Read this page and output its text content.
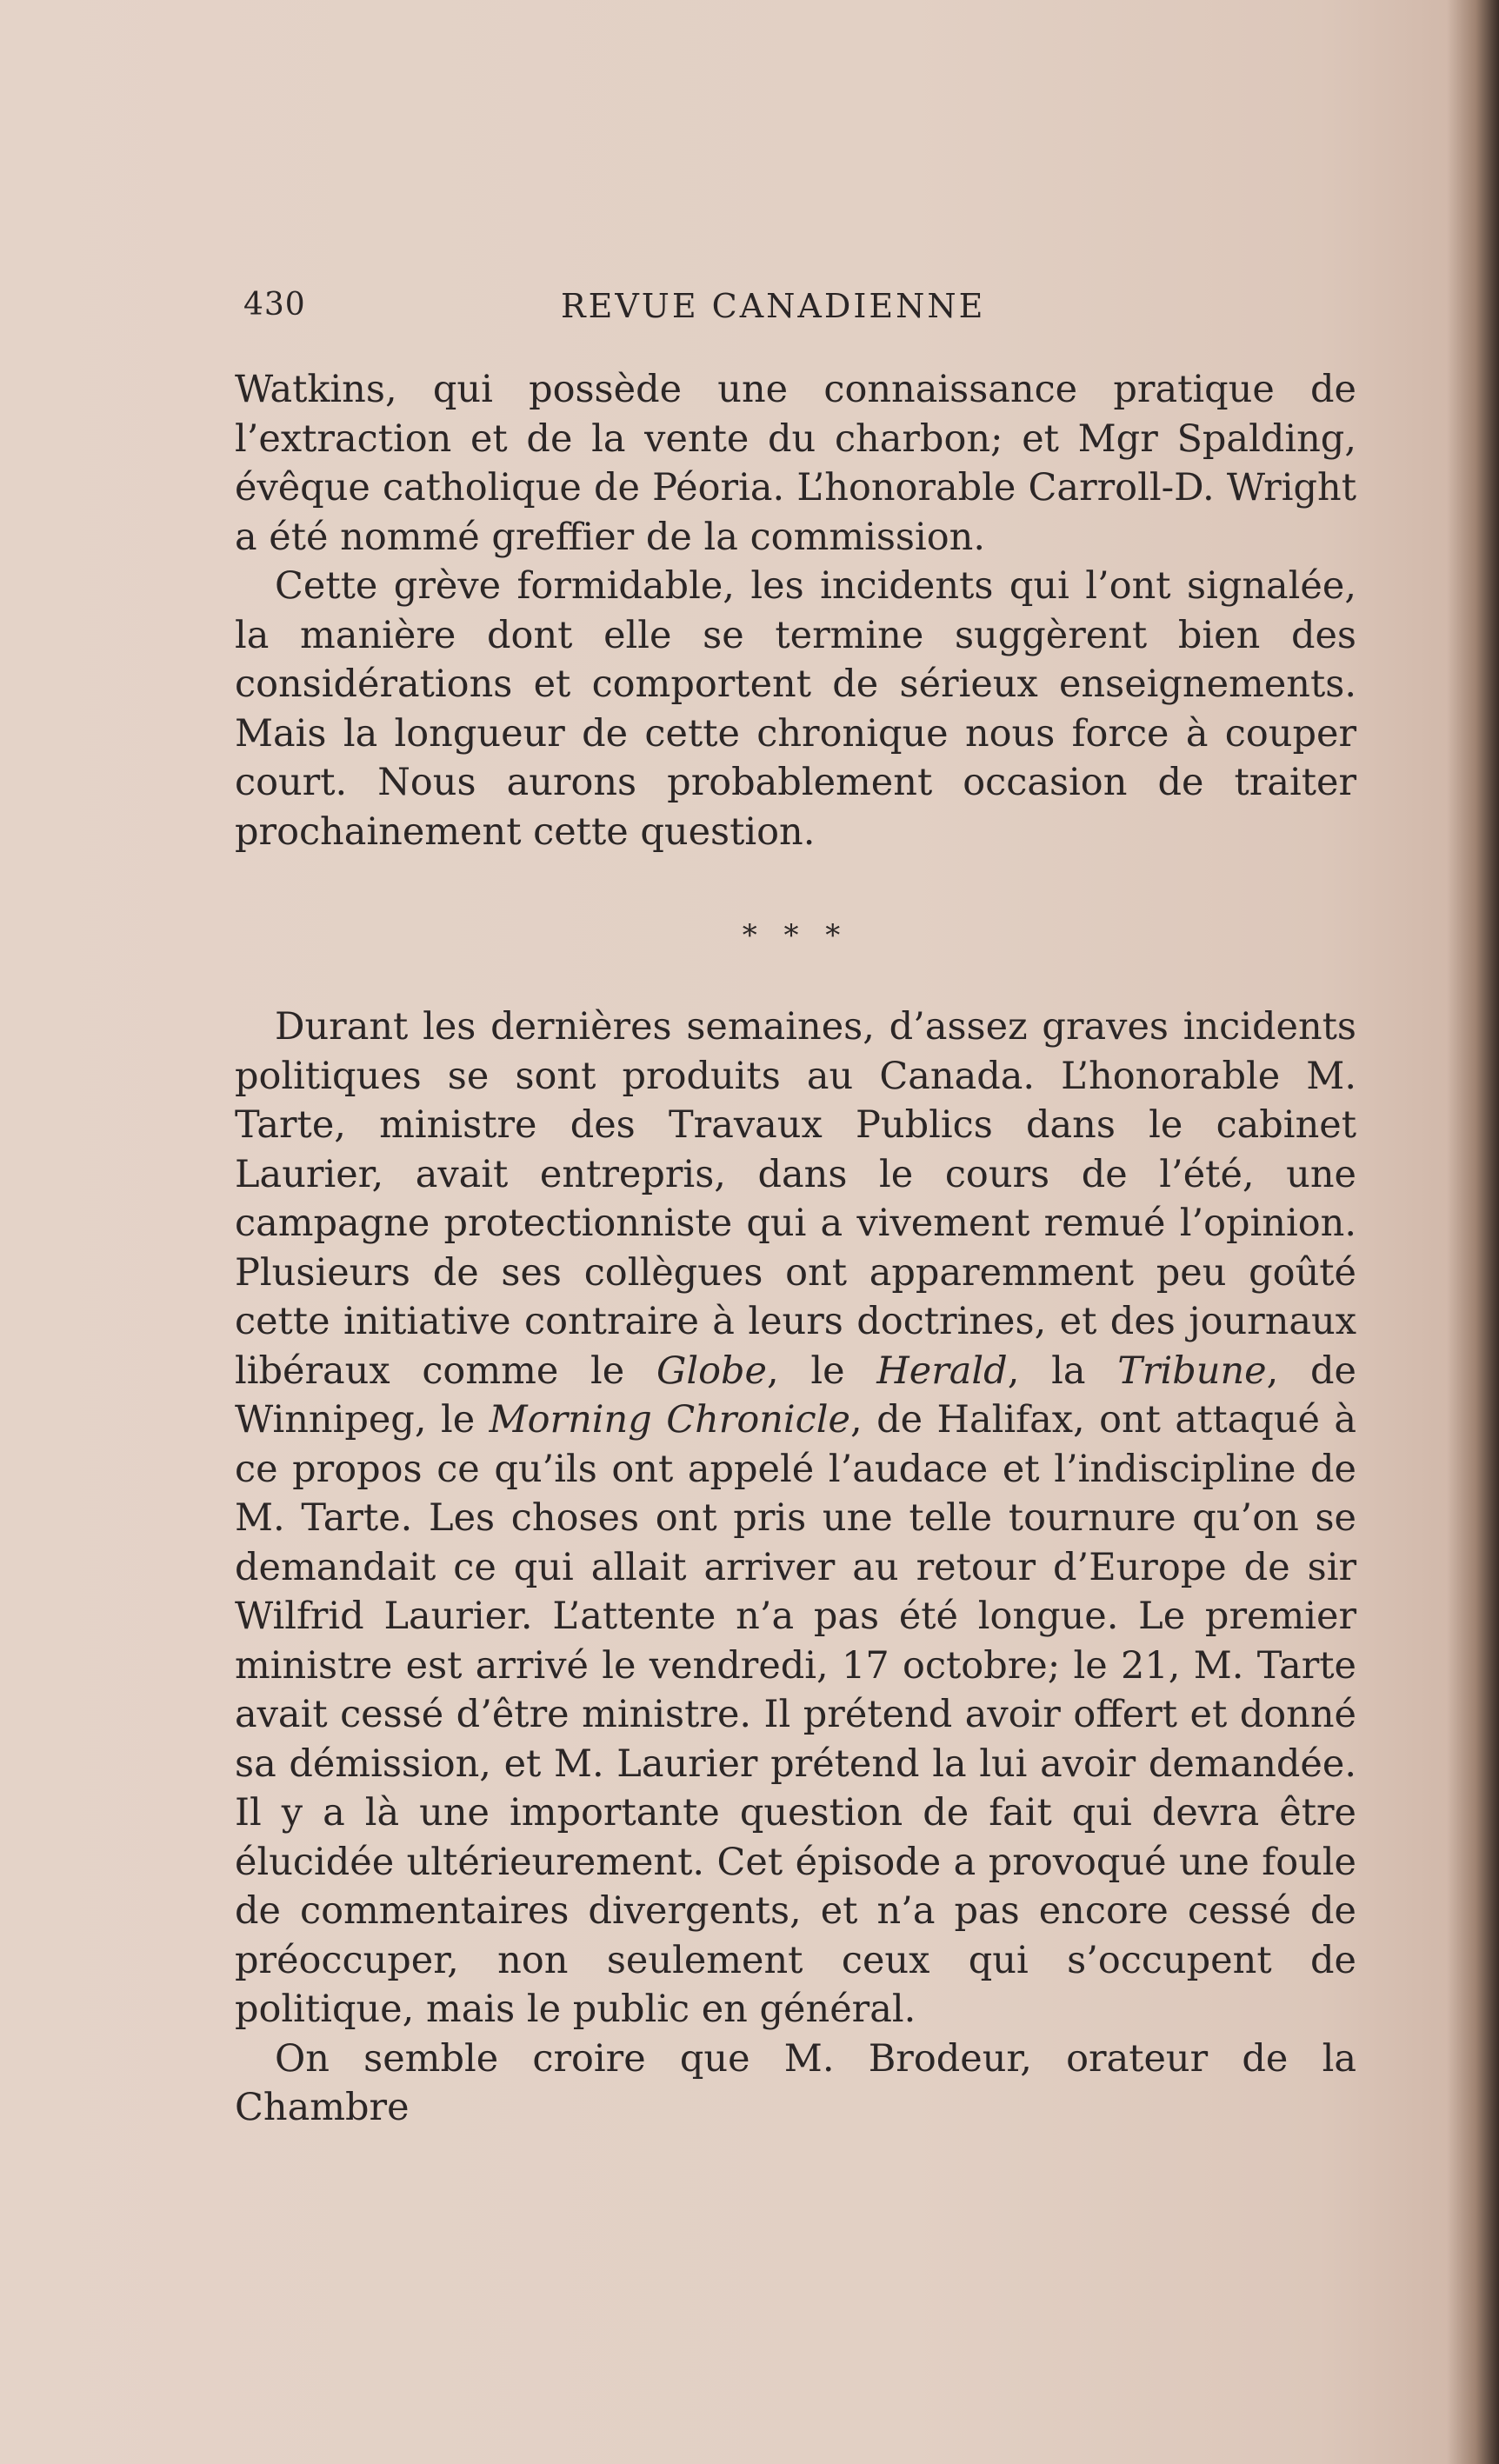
430	REVUE CANADIENNE

Watkins, qui possède une connaissance pratique de l’extraction et de la vente du charbon; et Mgr Spalding, évêque catholique de Péoria. L’honorable Carroll-D. Wright a été nommé greffier de la commission.

Cette grève formidable, les incidents qui l’ont signalée, la manière dont elle se termine suggèrent bien des considérations et comportent de sérieux enseignements. Mais la longueur de cette chronique nous force à couper court. Nous aurons probablement occasion de traiter prochainement cette question.

* * *

Durant les dernières semaines, d’assez graves incidents politiques se sont produits au Canada. L’honorable M. Tarte, ministre des Travaux Publics dans le cabinet Laurier, avait entrepris, dans le cours de l’été, une campagne protectionniste qui a vivement remué l’opinion. Plusieurs de ses collègues ont apparemment peu goûté cette initiative contraire à leurs doctrines, et des journaux libéraux comme le Globe, le Herald, la Tribune, de Winnipeg, le Morning Chronicle, de Halifax, ont attaqué à ce propos ce qu’ils ont appelé l’audace et l’indiscipline de M. Tarte. Les choses ont pris une telle tournure qu’on se demandait ce qui allait arriver au retour d’Europe de sir Wilfrid Laurier. L’attente n’a pas été longue. Le premier ministre est arrivé le vendredi, 17 octobre; le 21, M. Tarte avait cessé d’être ministre. Il prétend avoir offert et donné sa démission, et M. Laurier prétend la lui avoir demandée. Il y a là une importante question de fait qui devra être élucidée ultérieurement. Cet épisode a provoqué une foule de commentaires divergents, et n’a pas encore cessé de préoccuper, non seulement ceux qui s’occupent de politique, mais le public en général.

On semble croire que M. Brodeur, orateur de la Chambre
